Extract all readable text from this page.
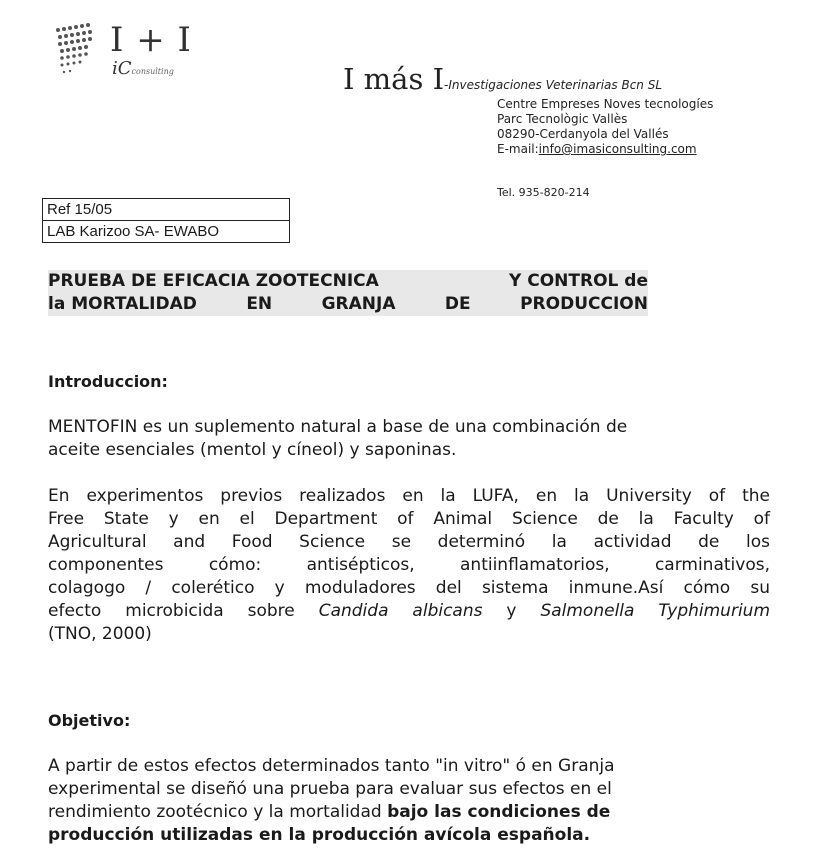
I + I
iCconsulting	I más I-Investigaciones Veterinarias Bcn SL
Centre Empreses Noves tecnologíes
Parc Tecnològic Vallès
08290-Cerdanyola del Vallés
E-mail:info@imasiconsulting.com
Tel. 935-820-214
Ref 15/05
LAB Karizoo SA- EWABO
PRUEBA DE EFICACIA ZOOTECNICA	Y CONTROL de
la MORTALIDAD	EN	GRANJA	DE	PRODUCCION
Introduccion:
MENTOFIN es un suplemento natural a base de una combinación de
aceite esenciales (mentol y cíneol) y saponinas.
En experimentos previos realizados en la LUFA, en la University of the
Free State y en el Department of Animal Science de la Faculty of
Agricultural and Food Science se determinó la actividad de los
componentes cómo: antisépticos, antiinflamatorios, carminativos,
colagogo / colerético y moduladores del sistema inmune.Así cómo su
efecto microbicida sobre Candida albicans y Salmonella Typhimurium
(TNO, 2000)
Objetivo:
A partir de estos efectos determinados tanto "in vitro" ó en Granja
experimental se diseñó una prueba para evaluar sus efectos en el
rendimiento zootécnico y la mortalidad bajo las condiciones de
producción utilizadas en la producción avícola española.
